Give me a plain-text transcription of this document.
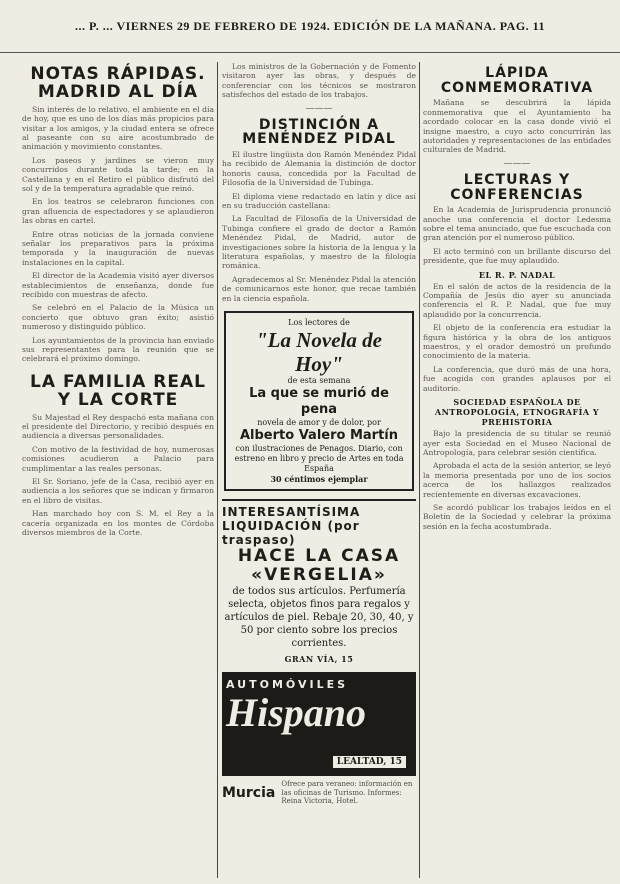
... P. ... VIERNES 29 DE FEBRERO DE 1924. EDICIÓN DE LA MAÑANA. PAG. 11
NOTAS RÁPIDAS. MADRID AL DÍA

Sin interés de lo relativo, el ambiente en el día de hoy, que es uno de los días más propicios para visitar a los amigos, y la ciudad entera se ofrece al paseante con su aire acostumbrado de animación y movimiento constantes.

Los paseos y jardines se vieron muy concurridos durante toda la tarde; en la Castellana y en el Retiro el público disfrutó del sol y de la temperatura agradable que reinó.

En los teatros se celebraron funciones con gran afluencia de espectadores y se aplaudieron las obras en cartel.

Entre otras noticias de la jornada conviene señalar los preparativos para la próxima temporada y la inauguración de nuevas instalaciones en la capital.

El director de la Academia visitó ayer diversos establecimientos de enseñanza, donde fue recibido con muestras de afecto.

Se celebró en el Palacio de la Música un concierto que obtuvo gran éxito; asistió numeroso y distinguido público.

Los ayuntamientos de la provincia han enviado sus representantes para la reunión que se celebrará el próximo domingo.

LA FAMILIA REAL Y LA CORTE

Su Majestad el Rey despachó esta mañana con el presidente del Directorio, y recibió después en audiencia a diversas personalidades.

Con motivo de la festividad de hoy, numerosas comisiones acudieron a Palacio para cumplimentar a las reales personas.

El Sr. Soriano, jefe de la Casa, recibió ayer en audiencia a los señores que se indican y firmaron en el libro de visitas.

Han marchado hoy con S. M. el Rey a la cacería organizada en los montes de Córdoba diversos miembros de la Corte.

Los ministros de la Gobernación y de Fomento visitaron ayer las obras, y después de conferenciar con los técnicos se mostraron satisfechos del estado de los trabajos.

———
DISTINCIÓN A MENÉNDEZ PIDAL

El ilustre lingüista don Ramón Menéndez Pidal ha recibido de Alemania la distinción de doctor honoris causa, concedida por la Facultad de Filosofía de la Universidad de Tubinga.

El diploma viene redactado en latín y dice así en su traducción castellana:

La Facultad de Filosofía de la Universidad de Tubinga confiere el grado de doctor a Ramón Menéndez Pidal, de Madrid, autor de investigaciones sobre la historia de la lengua y la literatura españolas, y maestro de la filología románica.

Agradecemos al Sr. Menéndez Pidal la atención de comunicarnos este honor, que recae también en la ciencia española.

Los lectores de
"La Novela de Hoy"
de esta semana
La que se murió de pena
novela de amor y de dolor, por
Alberto Valero Martín
con ilustraciones de Penagos. Diario, con estreno en libro y precio de Artes en toda España
30 céntimos ejemplar
INTERESANTÍSIMA LIQUIDACIÓN (por traspaso)
HACE LA CASA
«VERGELIA»
de todos sus artículos. Perfumería selecta, objetos finos para regalos y artículos de piel. Rebaje 20, 30, 40, y 50 por ciento sobre los precios corrientes.
GRAN VÍA, 15
AUTOMÓVILES
Hispano
LEALTAD, 15
Murcia
Ofrece para veraneo: información en las oficinas de Turismo. Informes: Reina Victoria, Hotel.
LÁPIDA CONMEMORATIVA

Mañana se descubrirá la lápida conmemorativa que el Ayuntamiento ha acordado colocar en la casa donde vivió el insigne maestro, a cuyo acto concurrirán las autoridades y representaciones de las entidades culturales de Madrid.

———
LECTURAS Y CONFERENCIAS

En la Academia de Jurisprudencia pronunció anoche una conferencia el doctor Ledesma sobre el tema anunciado, que fue escuchada con gran atención por el numeroso público.

El acto terminó con un brillante discurso del presidente, que fue muy aplaudido.

EL R. P. NADAL

En el salón de actos de la residencia de la Compañía de Jesús dio ayer su anunciada conferencia el R. P. Nadal, que fue muy aplaudido por la concurrencia.

El objeto de la conferencia era estudiar la figura histórica y la obra de los antiguos maestros, y el orador demostró un profundo conocimiento de la materia.

La conferencia, que duró más de una hora, fue acogida con grandes aplausos por el auditorio.

SOCIEDAD ESPAÑOLA DE ANTROPOLOGÍA, ETNOGRAFÍA Y PREHISTORIA

Bajo la presidencia de su titular se reunió ayer esta Sociedad en el Museo Nacional de Antropología, para celebrar sesión científica.

Aprobada el acta de la sesión anterior, se leyó la memoria presentada por uno de los socios acerca de los hallazgos realizados recientemente en diversas excavaciones.

Se acordó publicar los trabajos leídos en el Boletín de la Sociedad y celebrar la próxima sesión en la fecha acostumbrada.
